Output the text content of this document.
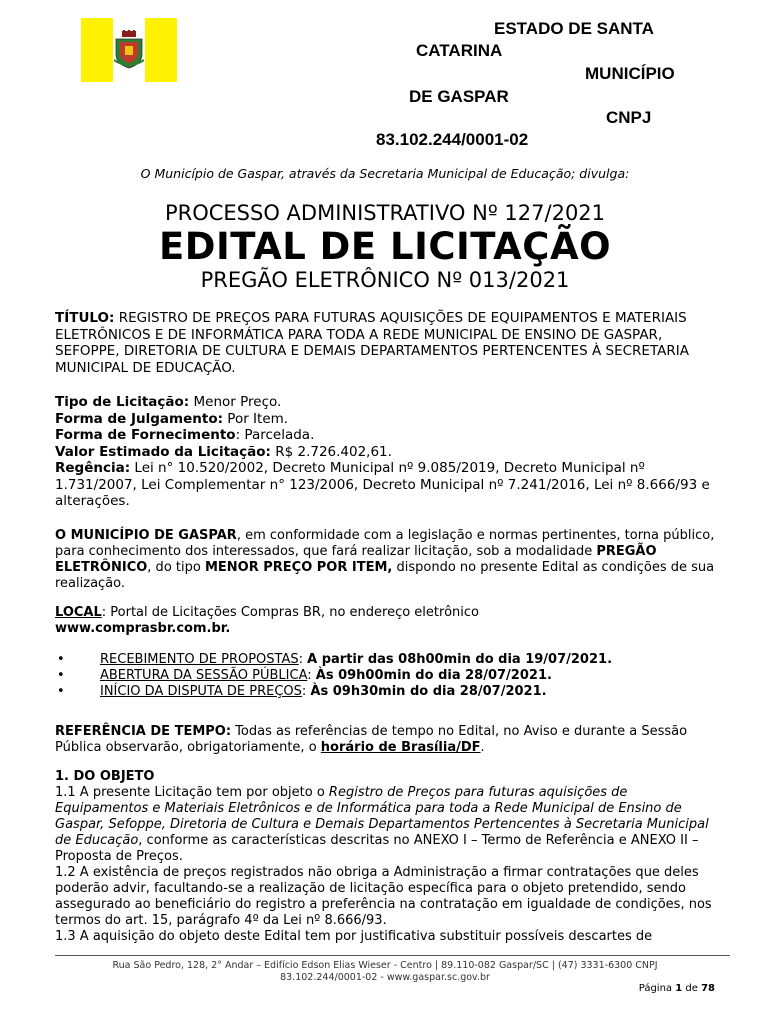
ESTADO DE SANTA
CATARINA
MUNICÍPIO
DE GASPAR
CNPJ
83.102.244/0001-02
O Município de Gaspar, através da Secretaria Municipal de Educação; divulga:
PROCESSO ADMINISTRATIVO Nº 127/2021
EDITAL DE LICITAÇÃO
PREGÃO ELETRÔNICO Nº 013/2021

TÍTULO: REGISTRO DE PREÇOS PARA FUTURAS AQUISIÇÕES DE EQUIPAMENTOS E MATERIAIS ELETRÔNICOS E DE INFORMÁTICA PARA TODA A REDE MUNICIPAL DE ENSINO DE GASPAR, SEFOPPE, DIRETORIA DE CULTURA E DEMAIS DEPARTAMENTOS PERTENCENTES À SECRETARIA MUNICIPAL DE EDUCAÇÃO.

Tipo de Licitação: Menor Preço.
Forma de Julgamento: Por Item.
Forma de Fornecimento: Parcelada.
Valor Estimado da Licitação: R$ 2.726.402,61.
Regência: Lei n° 10.520/2002, Decreto Municipal nº 9.085/2019, Decreto Municipal nº 1.731/2007, Lei Complementar n° 123/2006, Decreto Municipal nº 7.241/2016, Lei nº 8.666/93 e alterações.

O MUNICÍPIO DE GASPAR, em conformidade com a legislação e normas pertinentes, torna público, para conhecimento dos interessados, que fará realizar licitação, sob a modalidade PREGÃO ELETRÔNICO, do tipo MENOR PREÇO POR ITEM, dispondo no presente Edital as condições de sua realização.

LOCAL: Portal de Licitações Compras BR, no endereço eletrônico
www.comprasbr.com.br.

• RECEBIMENTO DE PROPOSTAS: A partir das 08h00min do dia 19/07/2021.
• ABERTURA DA SESSÃO PÚBLICA: Às 09h00min do dia 28/07/2021.
• INÍCIO DA DISPUTA DE PREÇOS: Às 09h30min do dia 28/07/2021.

REFERÊNCIA DE TEMPO: Todas as referências de tempo no Edital, no Aviso e durante a Sessão Pública observarão, obrigatoriamente, o horário de Brasília/DF.

1. DO OBJETO
1.1 A presente Licitação tem por objeto o Registro de Preços para futuras aquisições de Equipamentos e Materiais Eletrônicos e de Informática para toda a Rede Municipal de Ensino de Gaspar, Sefoppe, Diretoria de Cultura e Demais Departamentos Pertencentes à Secretaria Municipal de Educação, conforme as características descritas no ANEXO I – Termo de Referência e ANEXO II – Proposta de Preços.
1.2 A existência de preços registrados não obriga a Administração a firmar contratações que deles poderão advir, facultando-se a realização de licitação específica para o objeto pretendido, sendo assegurado ao beneficiário do registro a preferência na contratação em igualdade de condições, nos termos do art. 15, parágrafo 4º da Lei nº 8.666/93.
1.3 A aquisição do objeto deste Edital tem por justificativa substituir possíveis descartes de

Rua São Pedro, 128, 2° Andar – Edifício Edson Elias Wieser - Centro | 89.110-082 Gaspar/SC | (47) 3331-6300 CNPJ
83.102.244/0001-02 - www.gaspar.sc.gov.br
Página 1 de 78
